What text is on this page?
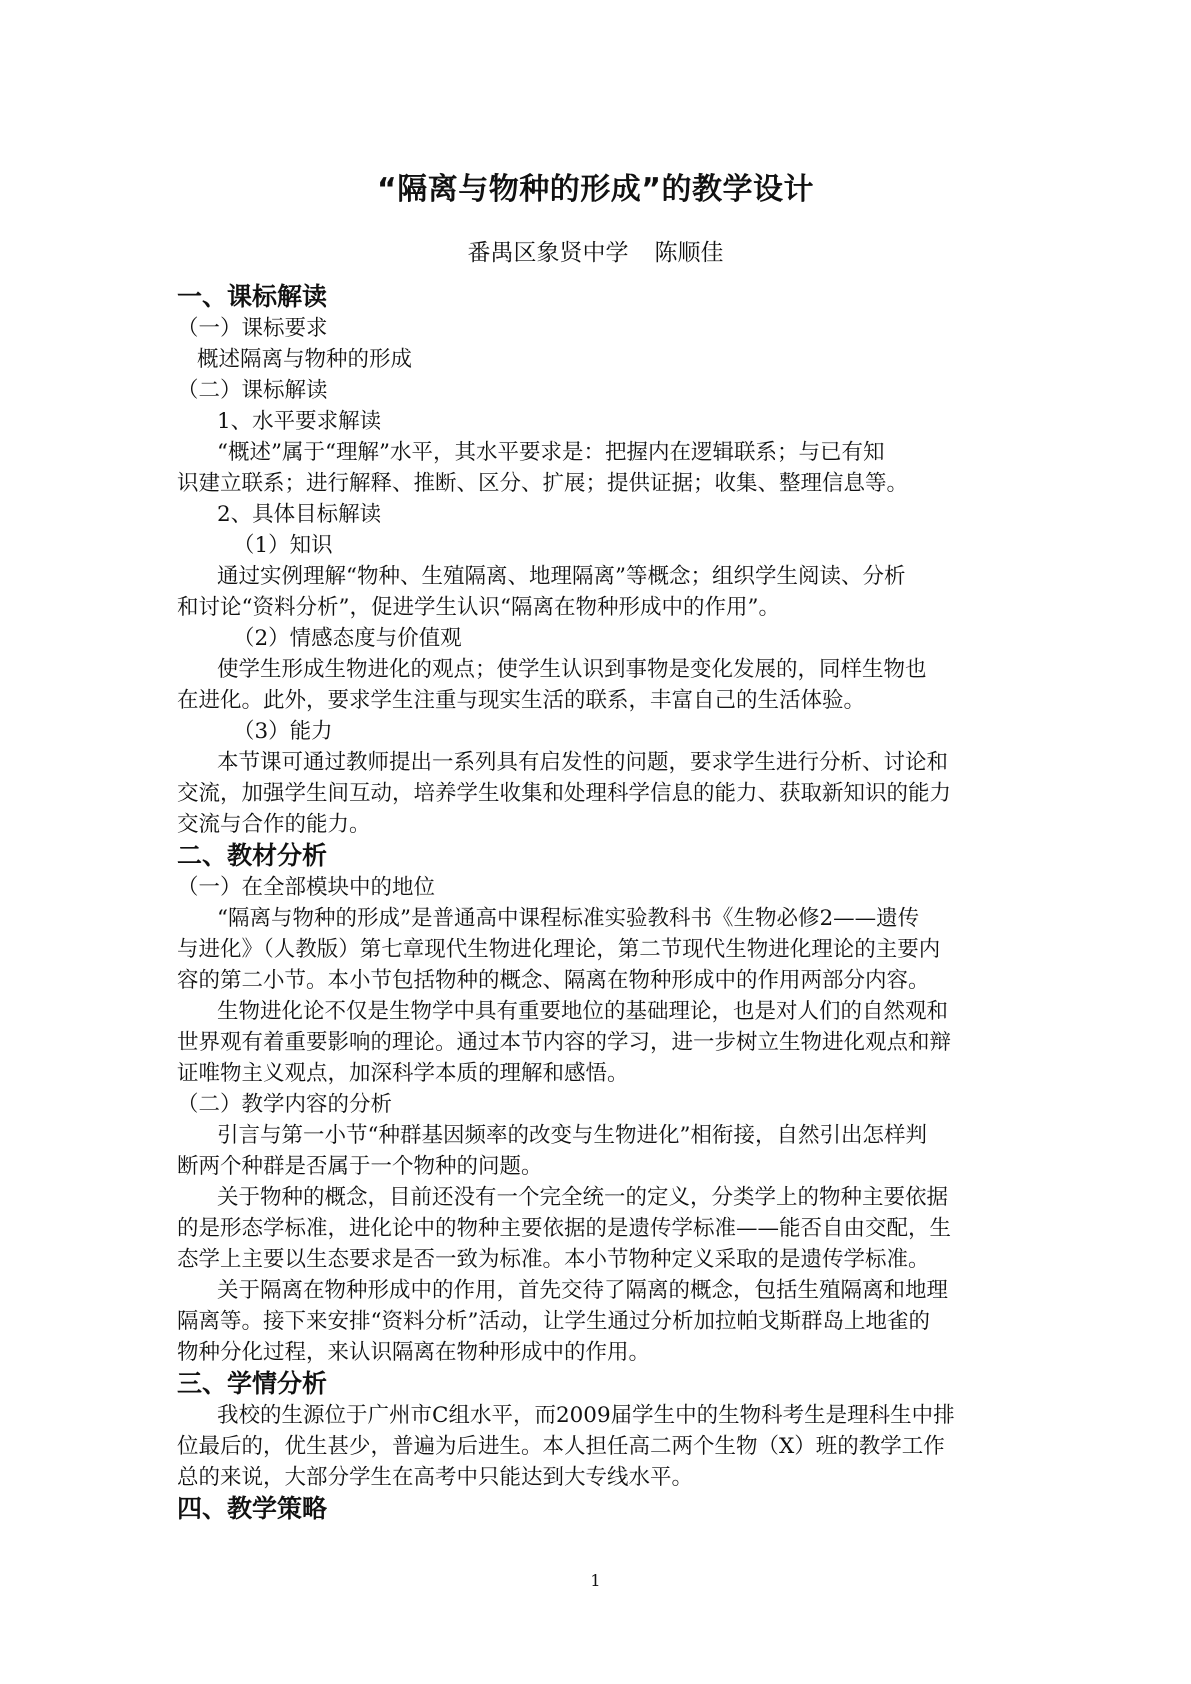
“隔离与物种的形成”的教学设计
番禺区象贤中学 陈顺佳
一、课标解读
（一）课标要求
概述隔离与物种的形成
（二）课标解读
1、水平要求解读
“概述”属于“理解”水平，其水平要求是：把握内在逻辑联系；与已有知
识建立联系；进行解释、推断、区分、扩展；提供证据；收集、整理信息等。
2、具体目标解读
（1）知识
通过实例理解“物种、生殖隔离、地理隔离”等概念；组织学生阅读、分析
和讨论“资料分析”，促进学生认识“隔离在物种形成中的作用”。
（2）情感态度与价值观
使学生形成生物进化的观点；使学生认识到事物是变化发展的，同样生物也
在进化。此外，要求学生注重与现实生活的联系，丰富自己的生活体验。
（3）能力
本节课可通过教师提出一系列具有启发性的问题，要求学生进行分析、讨论和
交流，加强学生间互动，培养学生收集和处理科学信息的能力、获取新知识的能力
交流与合作的能力。
二、教材分析
（一）在全部模块中的地位
“隔离与物种的形成”是普通高中课程标准实验教科书《生物必修2——遗传
与进化》（人教版）第七章现代生物进化理论，第二节现代生物进化理论的主要内
容的第二小节。本小节包括物种的概念、隔离在物种形成中的作用两部分内容。
生物进化论不仅是生物学中具有重要地位的基础理论，也是对人们的自然观和
世界观有着重要影响的理论。通过本节内容的学习，进一步树立生物进化观点和辩
证唯物主义观点，加深科学本质的理解和感悟。
（二）教学内容的分析
引言与第一小节“种群基因频率的改变与生物进化”相衔接，自然引出怎样判
断两个种群是否属于一个物种的问题。
关于物种的概念，目前还没有一个完全统一的定义，分类学上的物种主要依据
的是形态学标准，进化论中的物种主要依据的是遗传学标准——能否自由交配，生
态学上主要以生态要求是否一致为标准。本小节物种定义采取的是遗传学标准。
关于隔离在物种形成中的作用，首先交待了隔离的概念，包括生殖隔离和地理
隔离等。接下来安排“资料分析”活动，让学生通过分析加拉帕戈斯群岛上地雀的
物种分化过程，来认识隔离在物种形成中的作用。
三、学情分析
我校的生源位于广州市C组水平，而2009届学生中的生物科考生是理科生中排
位最后的，优生甚少，普遍为后进生。本人担任高二两个生物（X）班的教学工作
总的来说，大部分学生在高考中只能达到大专线水平。
四、教学策略
1
